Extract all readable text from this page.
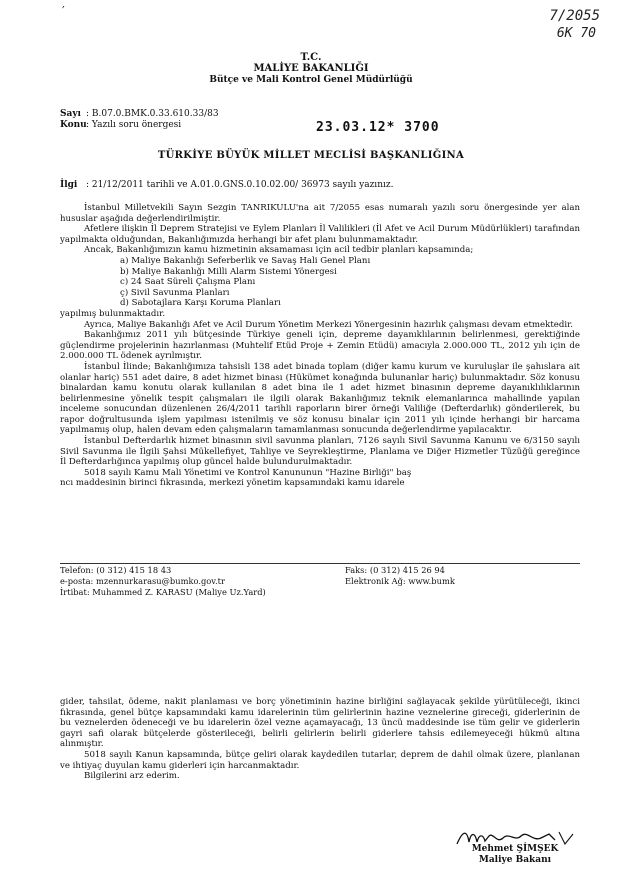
′	7/2055
6K 70
T.C.
MALİYE BAKANLIĞI
Bütçe ve Mali Kontrol Genel Müdürlüğü
Sayı : B.07.0.BMK.0.33.610.33/83
Konu: Yazılı soru önergesi	23.03.12* 3700
TÜRKİYE BÜYÜK MİLLET MECLİSİ BAŞKANLIĞINA
İlgi : 21/12/2011 tarihli ve A.01.0.GNS.0.10.02.00/ 36973 sayılı yazınız.

İstanbul Milletvekili Sayın Sezgin TANRIKULU'na ait 7/2055 esas numaralı yazılı soru önergesinde yer alan hususlar aşağıda değerlendirilmiştir.

Afetlere ilişkin İl Deprem Stratejisi ve Eylem Planları İl Valilikleri (İl Afet ve Acil Durum Müdürlükleri) tarafından yapılmakta olduğundan, Bakanlığımızda herhangi bir afet planı bulunmamaktadır.

Ancak, Bakanlığımızın kamu hizmetinin aksamaması için acil tedbir planları kapsamında;

a) Maliye Bakanlığı Seferberlik ve Savaş Hali Genel Planı
b) Maliye Bakanlığı Milli Alarm Sistemi Yönergesi
c) 24 Saat Süreli Çalışma Planı
ç) Sivil Savunma Planları
d) Sabotajlara Karşı Koruma Planları

yapılmış bulunmaktadır.

Ayrıca, Maliye Bakanlığı Afet ve Acil Durum Yönetim Merkezi Yönergesinin hazırlık çalışması devam etmektedir.

Bakanlığımız 2011 yılı bütçesinde Türkiye geneli için, depreme dayanıklılarının belirlenmesi, gerektiğinde güçlendirme projelerinin hazırlanması (Muhtelif Etüd Proje + Zemin Etüdü) amacıyla 2.000.000 TL, 2012 yılı için de 2.000.000 TL ödenek ayrılmıştır.

İstanbul İlinde; Bakanlığımıza tahsisli 138 adet binada toplam (diğer kamu kurum ve kuruluşlar ile şahıslara ait olanlar hariç) 551 adet daire, 8 adet hizmet binası (Hükümet konağında bulunanlar hariç) bulunmaktadır. Söz konusu binalardan kamu konutu olarak kullanılan 8 adet bina ile 1 adet hizmet binasının depreme dayanıklılıklarının belirlenmesine yönelik tespit çalışmaları ile ilgili olarak Bakanlığımız teknik elemanlarınca mahallinde yapılan inceleme sonucundan düzenlenen 26/4/2011 tarihli raporların birer örneği Valiliğe (Defterdarlık) gönderilerek, bu rapor doğrultusunda işlem yapılması istenilmiş ve söz konusu binalar için 2011 yılı içinde herhangi bir harcama yapılmamış olup, halen devam eden çalışmaların tamamlanması sonucunda değerlendirme yapılacaktır.

İstanbul Defterdarlık hizmet binasının sivil savunma planları, 7126 sayılı Sivil Savunma Kanunu ve 6/3150 sayılı Sivil Savunma ile İlgili Şahsi Mükellefiyet, Tahliye ve Seyrekleştirme, Planlama ve Diğer Hizmetler Tüzüğü gereğince İl Defterdarlığınca yapılmış olup güncel halde bulundurulmaktadır.

5018 sayılı Kamu Mali Yönetimi ve Kontrol Kanununun "Hazine Birliği" baş

ncı maddesinin birinci fıkrasında, merkezi yönetim kapsamındaki kamu idarele

Telefon: (0 312) 415 18 43
e-posta: mzennurkarasu@bumko.gov.tr
İrtibat: Muhammed Z. KARASU (Maliye Uz.Yard)
Faks: (0 312) 415 26 94
Elektronik Ağ: www.bumk

gider, tahsilat, ödeme, nakit planlaması ve borç yönetiminin hazine birliğini sağlayacak şekilde yürütüleceği, ikinci fıkrasında, genel bütçe kapsamındaki kamu idarelerinin tüm gelirlerinin hazine veznelerine gireceği, giderlerinin de bu veznelerden ödeneceği ve bu idarelerin özel vezne açamayacağı, 13 üncü maddesinde ise tüm gelir ve giderlerin gayri safi olarak bütçelerde gösterileceği, belirli gelirlerin belirli giderlere tahsis edilemeyeceği hükmü altına alınmıştır.

5018 sayılı Kanun kapsamında, bütçe geliri olarak kaydedilen tutarlar, deprem de dahil olmak üzere, planlanan ve ihtiyaç duyulan kamu giderleri için harcanmaktadır.

Bilgilerini arz ederim.

Mehmet ŞİMŞEK
Maliye Bakanı
